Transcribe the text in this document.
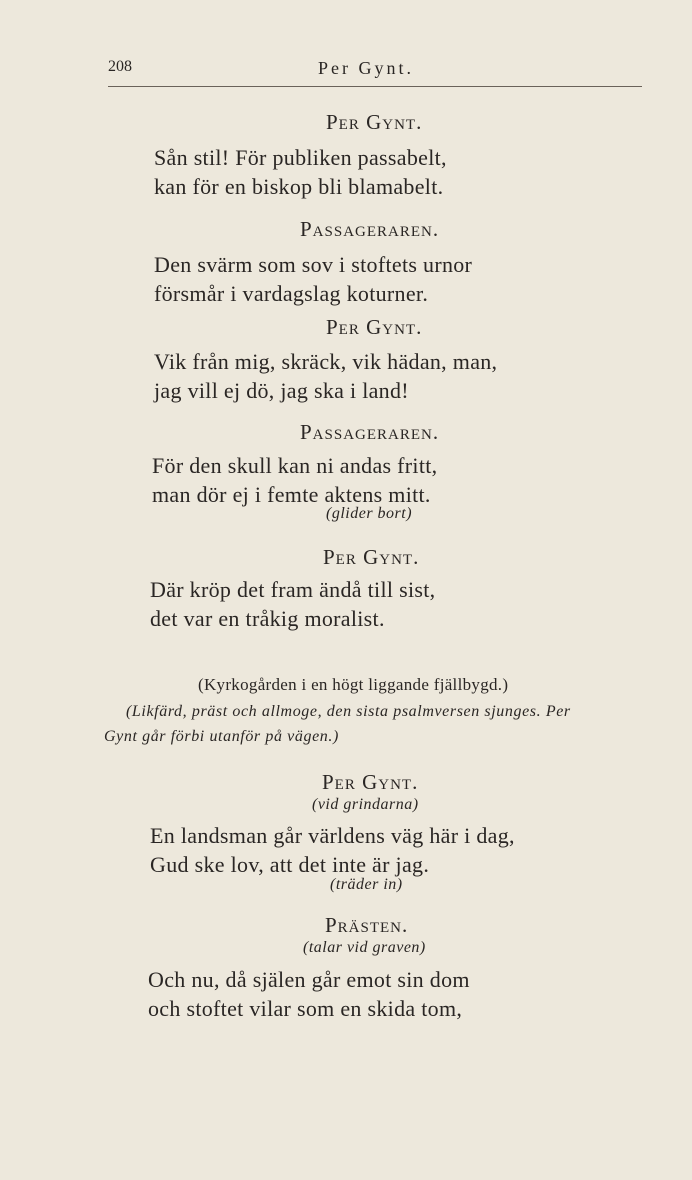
208	Per Gynt.
Per Gynt.
Sån stil! För publiken passabelt,
kan för en biskop bli blamabelt.
Passageraren.
Den svärm som sov i stoftets urnor
försmår i vardagslag koturner.
Per Gynt.
Vik från mig, skräck, vik hädan, man,
jag vill ej dö, jag ska i land!
Passageraren.
För den skull kan ni andas fritt,
man dör ej i femte aktens mitt.
(glider bort)
Per Gynt.
Där kröp det fram ändå till sist,
det var en tråkig moralist.
(Kyrkogården i en högt liggande fjällbygd.)
(Likfärd, präst och allmoge, den sista psalmversen sjunges. Per
Gynt går förbi utanför på vägen.)
Per Gynt.
(vid grindarna)
En landsman går världens väg här i dag,
Gud ske lov, att det inte är jag.
(träder in)
Prästen.
(talar vid graven)
Och nu, då själen går emot sin dom
och stoftet vilar som en skida tom,
